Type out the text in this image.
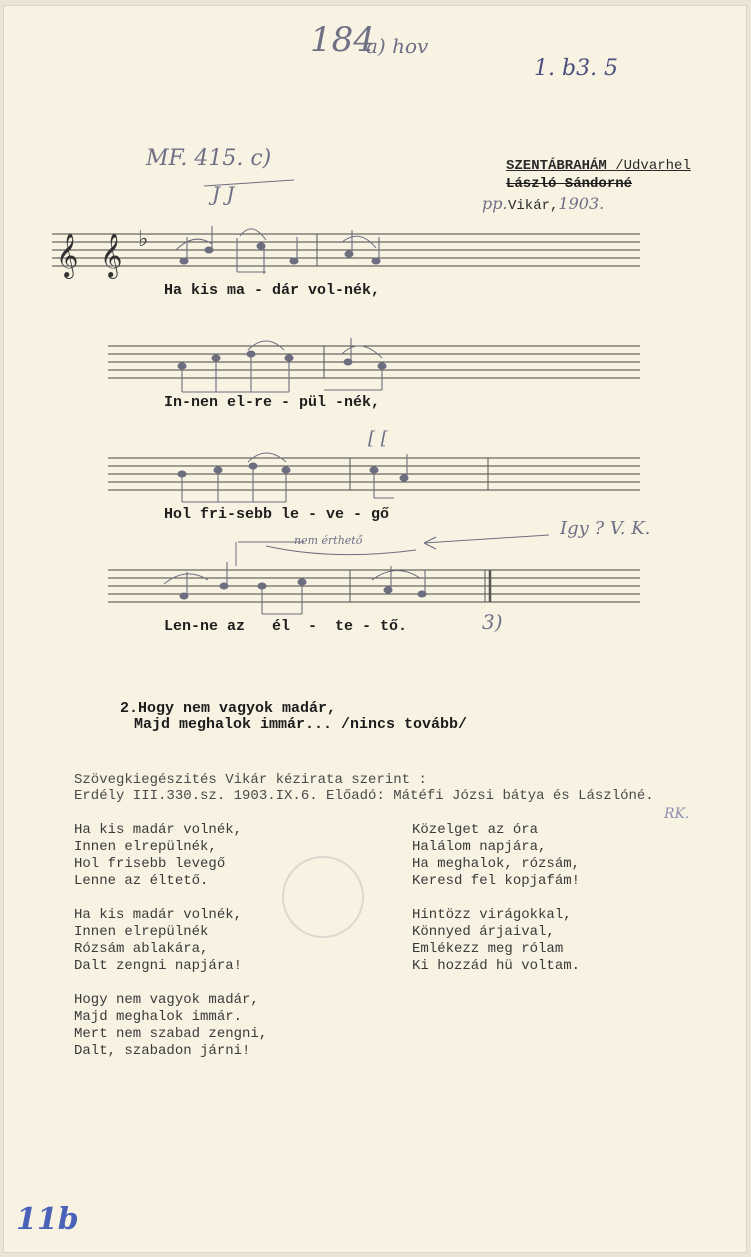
184
a) hov
1. b3. 5
MF. 415. c)
J J
SZENTÁBRAHÁM /Udvarhel
László Sándorné
pp. Vikár,1903.
𝄞 𝄞 ♭
Ha kis ma - dár vol-nék,
In-nen el-re - pül -nék,
Hol fri-sebb le - ve - gő
Len-ne az   él  -  te - tő.
[ [
nem érthető
Igy ? V. K.
3)
2.Hogy nem vagyok madár,
Majd meghalok immár... /nincs tovább/
Szövegkiegészités Vikár kézirata szerint :
Erdély III.330.sz. 1903.IX.6. Előadó: Mátéfi Józsi bátya és Lászlóné.
RK.
Ha kis madár volnék,
Innen elrepülnék,
Hol frisebb levegő
Lenne az éltető.

Ha kis madár volnék,
Innen elrepülnék
Rózsám ablakára,
Dalt zengni napjára!

Hogy nem vagyok madár,
Majd meghalok immár.
Mert nem szabad zengni,
Dalt, szabadon járni!
Közelget az óra
Halálom napjára,
Ha meghalok, rózsám,
Keresd fel kopjafám!

Hintözz virágokkal,
Könnyed árjaival,
Emlékezz meg rólam
Ki hozzád hü voltam.
11b
